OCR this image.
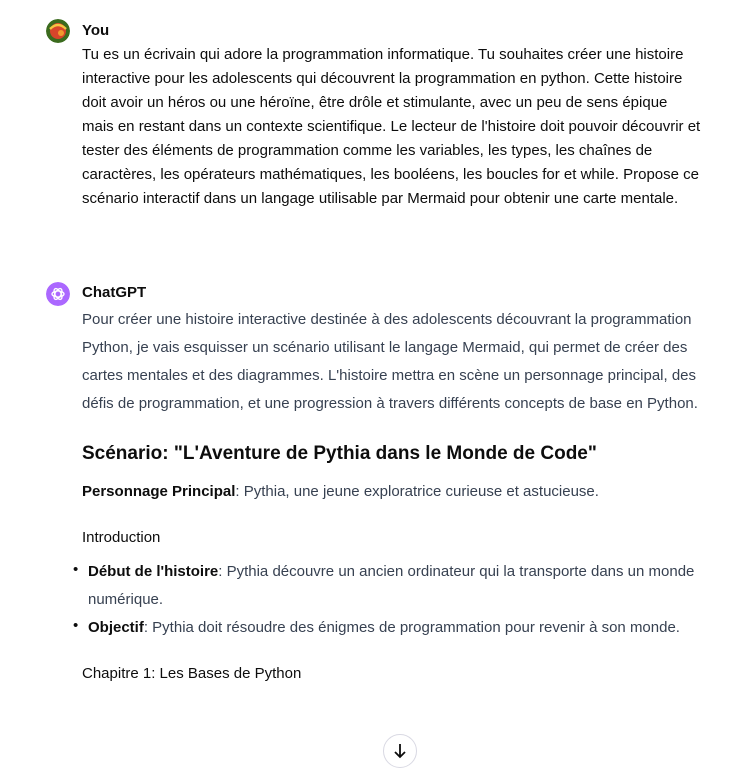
You
Tu es un écrivain qui adore la programmation informatique. Tu souhaites créer une histoire interactive pour les adolescents qui découvrent la programmation en python. Cette histoire doit avoir un héros ou une héroïne, être drôle et stimulante, avec un peu de sens épique mais en restant dans un contexte scientifique. Le lecteur de l'histoire doit pouvoir découvrir et tester des éléments de programmation comme les variables, les types, les chaînes de caractères, les opérateurs mathématiques, les booléens, les boucles for et while. Propose ce scénario interactif dans un langage utilisable par Mermaid pour obtenir une carte mentale.
ChatGPT

Pour créer une histoire interactive destinée à des adolescents découvrant la programmation Python, je vais esquisser un scénario utilisant le langage Mermaid, qui permet de créer des cartes mentales et des diagrammes. L'histoire mettra en scène un personnage principal, des défis de programmation, et une progression à travers différents concepts de base en Python.

Scénario: "L'Aventure de Pythia dans le Monde de Code"

Personnage Principal: Pythia, une jeune exploratrice curieuse et astucieuse.

Introduction

• Début de l'histoire: Pythia découvre un ancien ordinateur qui la transporte dans un monde numérique.
• Objectif: Pythia doit résoudre des énigmes de programmation pour revenir à son monde.

Chapitre 1: Les Bases de Python
